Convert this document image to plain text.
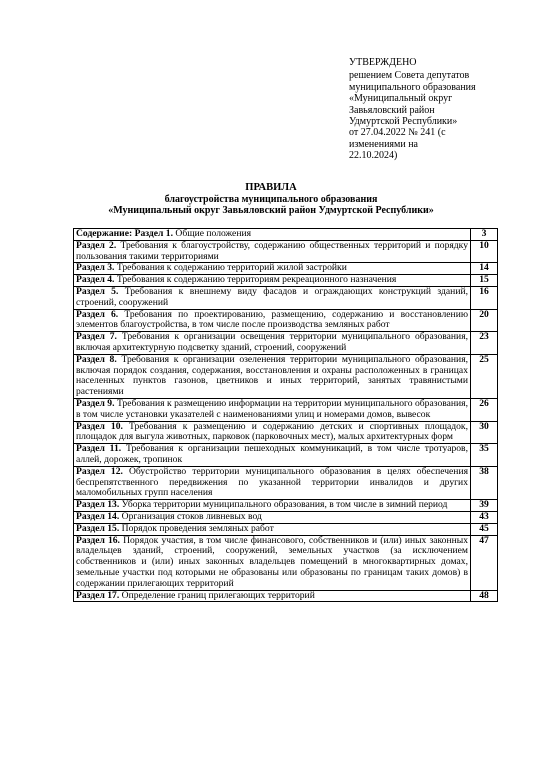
УТВЕРЖДЕНО
решением Совета депутатов
муниципального образования
«Муниципальный округ
Завьяловский район
Удмуртской Республики»
от 27.04.2022 № 241 (с
изменениями на
22.10.2024)
ПРАВИЛА
благоустройства муниципального образования
«Муниципальный округ Завьяловский район Удмуртской Республики»
Содержание: Раздел 1. Общие положения	3
Раздел 2. Требования к благоустройству, содержанию общественных территорий и порядку пользования такими территориями	10
Раздел 3. Требования к содержанию территорий жилой застройки	14
Раздел 4. Требования к содержанию территориям рекреационного назначения	15
Раздел 5. Требования к внешнему виду фасадов и ограждающих конструкций зданий, строений, сооружений	16
Раздел 6. Требования по проектированию, размещению, содержанию и восстановлению элементов благоустройства, в том числе после производства земляных работ	20
Раздел 7. Требования к организации освещения территории муниципального образования, включая архитектурную подсветку зданий, строений, сооружений	23
Раздел 8. Требования к организации озеленения территории муниципального образования, включая порядок создания, содержания, восстановления и охраны расположенных в границах населенных пунктов газонов, цветников и иных территорий, занятых травянистыми растениями	25
Раздел 9. Требования к размещению информации на территории муниципального образования, в том числе установки указателей с наименованиями улиц и номерами домов, вывесок	26
Раздел 10. Требования к размещению и содержанию детских и спортивных площадок, площадок для выгула животных, парковок (парковочных мест), малых архитектурных форм	30
Раздел 11. Требования к организации пешеходных коммуникаций, в том числе тротуаров, аллей, дорожек, тропинок	35
Раздел 12. Обустройство территории муниципального образования в целях обеспечения беспрепятственного передвижения по указанной территории инвалидов и других маломобильных групп населения	38
Раздел 13. Уборка территории муниципального образования, в том числе в зимний период	39
Раздел 14. Организация стоков ливневых вод	43
Раздел 15. Порядок проведения земляных работ	45
Раздел 16. Порядок участия, в том числе финансового, собственников и (или) иных законных владельцев зданий, строений, сооружений, земельных участков (за исключением собственников и (или) иных законных владельцев помещений в многоквартирных домах, земельные участки под которыми не образованы или образованы по границам таких домов) в содержании прилегающих территорий	47
Раздел 17. Определение границ прилегающих территорий	48
